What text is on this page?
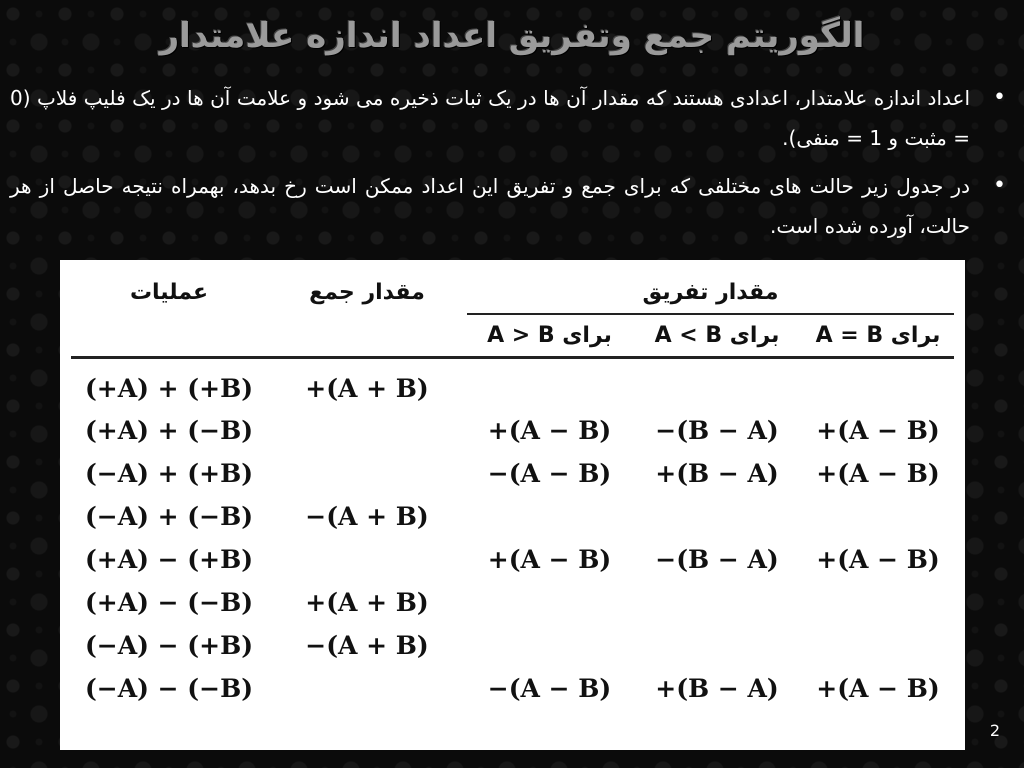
الگوریتم جمع وتفریق اعداد اندازه علامتدار
•
اعداد اندازه علامتدار، اعدادی هستند که مقدار آن ها در یک ثبات ذخیره می شود و علامت آن ها در یک فلیپ فلاپ (0 = مثبت و 1 = منفی).
•
در جدول زیر حالت های مختلفی که برای جمع و تفریق این اعداد ممکن است رخ بدهد، بهمراه نتیجه حاصل از هر حالت، آورده شده است.
عملیات	مقدار جمع	مقدار تفریق		
		برای A > B	برای A < B	برای A = B
(+A) + (+B)	+(A + B)			
(+A) + (−B)		+(A − B)	−(B − A)	+(A − B)
(−A) + (+B)		−(A − B)	+(B − A)	+(A − B)
(−A) + (−B)	−(A + B)			
(+A) − (+B)		+(A − B)	−(B − A)	+(A − B)
(+A) − (−B)	+(A + B)			
(−A) − (+B)	−(A + B)			
(−A) − (−B)		−(A − B)	+(B − A)	+(A − B)
2
